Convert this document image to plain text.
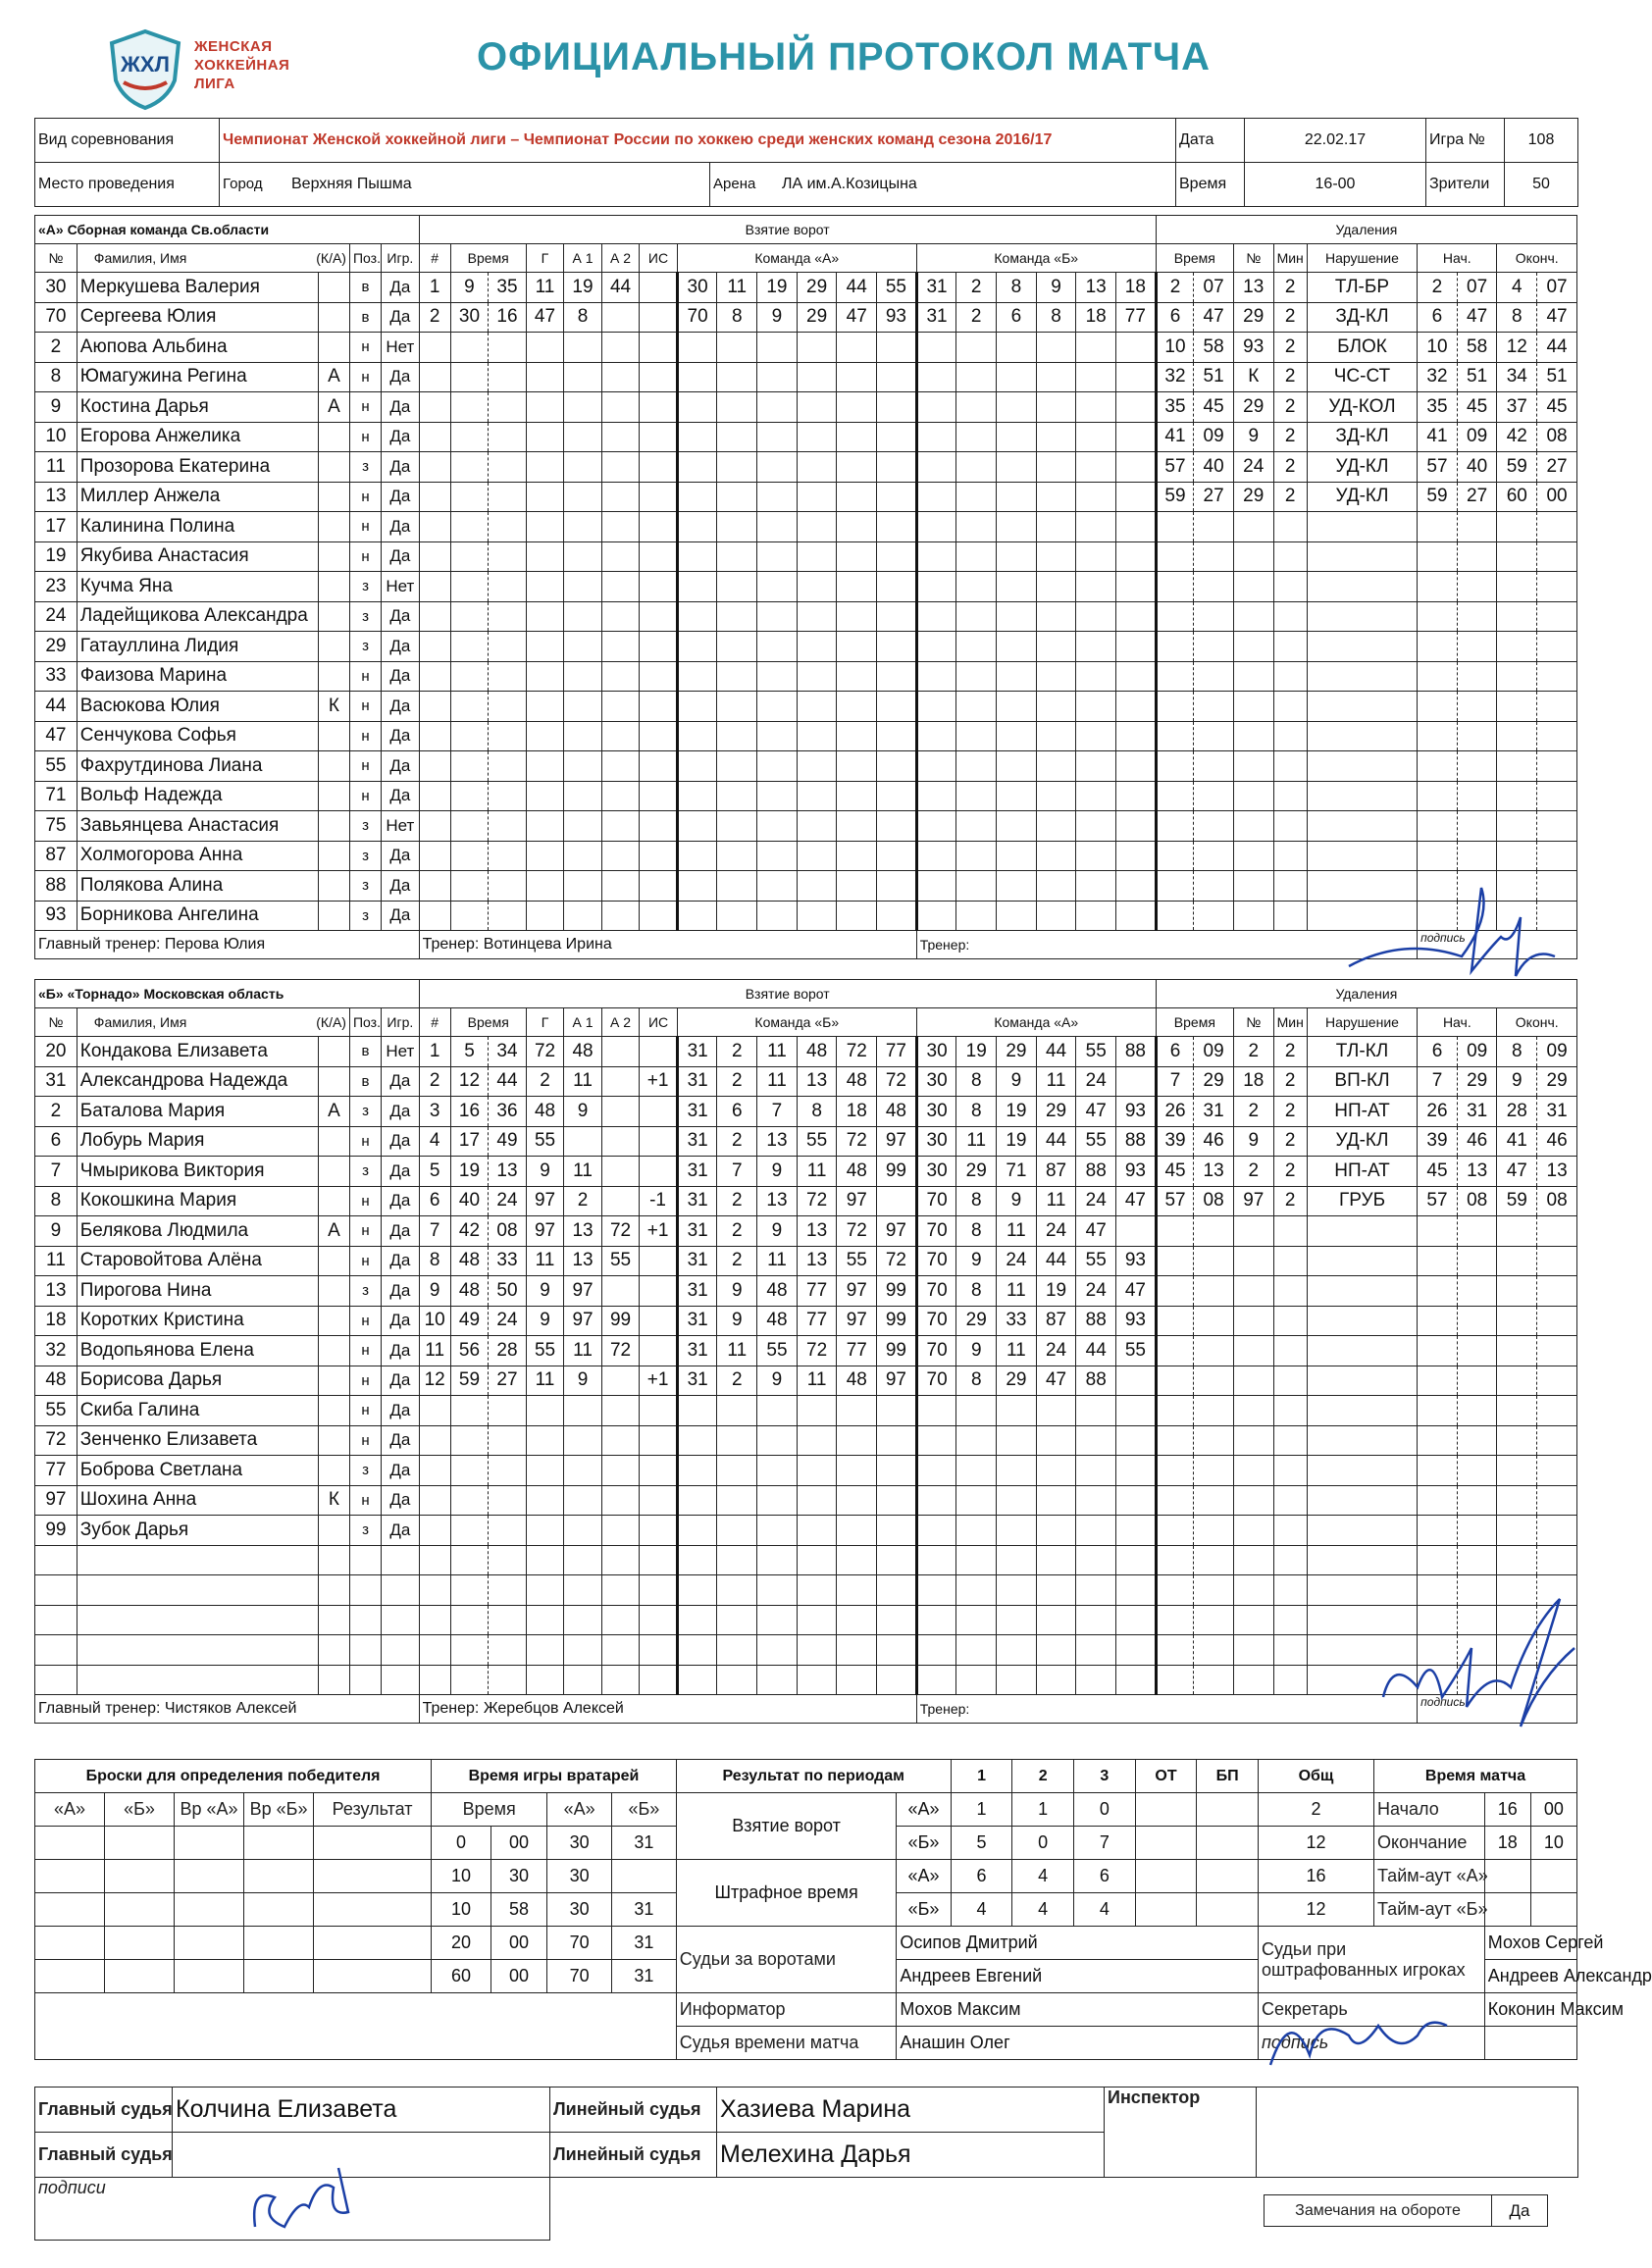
ЖХЛ
ЖЕНСКАЯ
ХОККЕЙНАЯ
ЛИГА
ОФИЦИАЛЬНЫЙ ПРОТОКОЛ МАТЧА
Вид соревнования	Чемпионат Женской хоккейной лиги – Чемпионат России по хоккею среди женских команд сезона 2016/17		Дата	22.02.17	Игра №	108
Место проведения	Город Верхняя Пышма	Арена ЛА им.А.Козицына	Время	16-00	Зрители	50
«А» Сборная команда Св.области					Взятие ворот																			Удаления								
№	Фамилия, Имя (К/А)		Поз.	Игр.	#	Время		Г	А 1	А 2	ИС	Команда «А»						Команда «Б»						Время		№	Мин	Нарушение	Нач.		Оконч.	
30	Меркушева Валерия		в	Да	1	9	35	11	19	44		30	11	19	29	44	55	31	2	8	9	13	18	2	07	13	2	ТЛ-БР	2	07	4	07
70	Сергеева Юлия		в	Да	2	30	16	47	8			70	8	9	29	47	93	31	2	6	8	18	77	6	47	29	2	ЗД-КЛ	6	47	8	47
2	Аюпова Альбина		н	Нет																				10	58	93	2	БЛОК	10	58	12	44
8	Юмагужина Регина	А	н	Да																				32	51	К	2	ЧС-СТ	32	51	34	51
9	Костина Дарья	А	н	Да																				35	45	29	2	УД-КОЛ	35	45	37	45
10	Егорова Анжелика		н	Да																				41	09	9	2	ЗД-КЛ	41	09	42	08
11	Прозорова Екатерина		з	Да																				57	40	24	2	УД-КЛ	57	40	59	27
13	Миллер Анжела		н	Да																				59	27	29	2	УД-КЛ	59	27	60	00
17	Калинина Полина		н	Да																												
19	Якубива Анастасия		н	Да																												
23	Кучма Яна		з	Нет																												
24	Ладейщикова Александра		з	Да																												
29	Гатауллина Лидия		з	Да																												
33	Фаизова Марина		н	Да																												
44	Васюкова Юлия	К	н	Да																												
47	Сенчукова Софья		н	Да																												
55	Фахрутдинова Лиана		н	Да																												
71	Вольф Надежда		н	Да																												
75	Завьянцева Анастасия		з	Нет																												
87	Холмогорова Анна		з	Да																												
88	Полякова Алина		з	Да																												
93	Борникова Ангелина		з	Да																												
Главный тренер: Перова Юлия					Тренер: Вотинцева Ирина													Тренер:											подпись			
«Б» «Торнадо» Московская область					Взятие ворот																			Удаления								
№	Фамилия, Имя (К/А)		Поз.	Игр.	#	Время		Г	А 1	А 2	ИС	Команда «Б»						Команда «А»						Время		№	Мин	Нарушение	Нач.		Оконч.	
20	Кондакова Елизавета		в	Нет	1	5	34	72	48			31	2	11	48	72	77	30	19	29	44	55	88	6	09	2	2	ТЛ-КЛ	6	09	8	09
31	Александрова Надежда		в	Да	2	12	44	2	11		+1	31	2	11	13	48	72	30	8	9	11	24		7	29	18	2	ВП-КЛ	7	29	9	29
2	Баталова Мария	А	з	Да	3	16	36	48	9			31	6	7	8	18	48	30	8	19	29	47	93	26	31	2	2	НП-АТ	26	31	28	31
6	Лобурь Мария		н	Да	4	17	49	55				31	2	13	55	72	97	30	11	19	44	55	88	39	46	9	2	УД-КЛ	39	46	41	46
7	Чмырикова Виктория		з	Да	5	19	13	9	11			31	7	9	11	48	99	30	29	71	87	88	93	45	13	2	2	НП-АТ	45	13	47	13
8	Кокошкина Мария		н	Да	6	40	24	97	2		-1	31	2	13	72	97		70	8	9	11	24	47	57	08	97	2	ГРУБ	57	08	59	08
9	Белякова Людмила	А	н	Да	7	42	08	97	13	72	+1	31	2	9	13	72	97	70	8	11	24	47										
11	Старовойтова Алёна		н	Да	8	48	33	11	13	55		31	2	11	13	55	72	70	9	24	44	55	93									
13	Пирогова Нина		з	Да	9	48	50	9	97			31	9	48	77	97	99	70	8	11	19	24	47									
18	Коротких Кристина		н	Да	10	49	24	9	97	99		31	9	48	77	97	99	70	29	33	87	88	93									
32	Водопьянова Елена		н	Да	11	56	28	55	11	72		31	11	55	72	77	99	70	9	11	24	44	55									
48	Борисова Дарья		н	Да	12	59	27	11	9		+1	31	2	9	11	48	97	70	8	29	47	88										
55	Скиба Галина		н	Да																												
72	Зенченко Елизавета		н	Да																												
77	Боброва Светлана		з	Да																												
97	Шохина Анна	К	н	Да																												
99	Зубок Дарья		з	Да																												

Главный тренер: Чистяков Алексей					Тренер: Жеребцов Алексей													Тренер:											подпись			
Броски для определения победителя					Время игры вратарей				Результат по периодам		1	2	3	ОТ	БП	Общ	Время матча		
«А»	«Б»	Вр «А»	Вр «Б»	Результат	Время		«А»	«Б»	Взятие ворот	«А»	1	1	0			2	Начало	16	00
					0	00	30	31		«Б»	5	0	7			12	Окончание	18	10
					10	30	30		Штрафное время	«А»	6	4	6			16	Тайм-аут «А»		
					10	58	30	31		«Б»	4	4	4			12	Тайм-аут «Б»		
					20	00	70	31	Судьи за воротами	Осипов Дмитрий						Судьи при оштрафованных игроках		Мохов Сергей	
					60	00	70	31		Андреев Евгений								Андреев Александр	
									Информатор	Мохов Максим						Секретарь		Коконин Максим	
									Судья времени матча	Анашин Олег						подпись			
Главный судья	Колчина Елизавета	Линейный судья	Хазиева Марина	Инспектор	
Главный судья		Линейный судья	Мелехина Дарья		
подписи					
Замечания на обороте	Да
